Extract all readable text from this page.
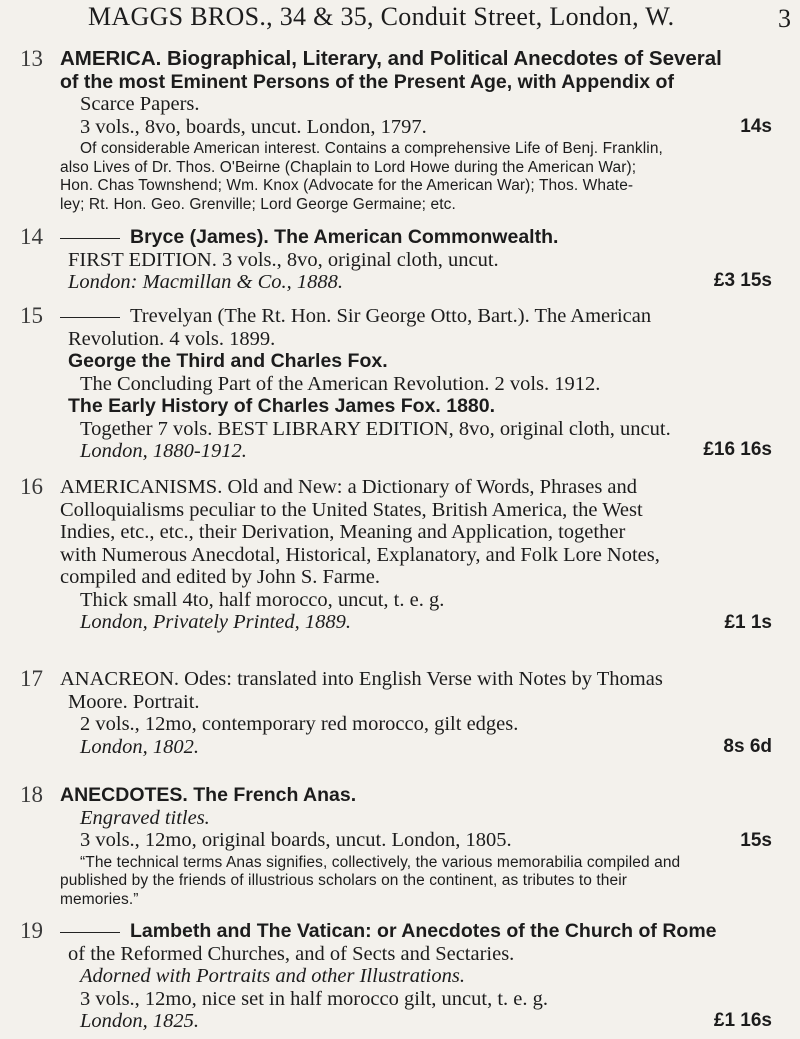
MAGGS BROS., 34 & 35, Conduit Street, London, W.	3
13 AMERICA. Biographical, Literary, and Political Anecdotes of Several
of the most Eminent Persons of the Present Age, with Appendix of
Scarce Papers.
3 vols., 8vo, boards, uncut. London, 1797.
Of considerable American interest. Contains a comprehensive Life of Benj. Franklin,
also Lives of Dr. Thos. O'Beirne (Chaplain to Lord Howe during the American War);
Hon. Chas Townshend; Wm. Knox (Advocate for the American War); Thos. Whate-
ley; Rt. Hon. Geo. Grenville; Lord George Germaine; etc.
14s
14	Bryce (James). The American Commonwealth.
FIRST EDITION. 3 vols., 8vo, original cloth, uncut.
London: Macmillan & Co., 1888.	£3 15s
15	Trevelyan (The Rt. Hon. Sir George Otto, Bart.). The American
Revolution. 4 vols. 1899.
George the Third and Charles Fox.
The Concluding Part of the American Revolution. 2 vols. 1912.
The Early History of Charles James Fox. 1880.
Together 7 vols. BEST LIBRARY EDITION, 8vo, original cloth, uncut.
London, 1880-1912.	£16 16s
16 AMERICANISMS. Old and New: a Dictionary of Words, Phrases and
Colloquialisms peculiar to the United States, British America, the West
Indies, etc., etc., their Derivation, Meaning and Application, together
with Numerous Anecdotal, Historical, Explanatory, and Folk Lore Notes,
compiled and edited by John S. Farme.
Thick small 4to, half morocco, uncut, t. e. g.
London, Privately Printed, 1889.	£1 1s
17 ANACREON. Odes: translated into English Verse with Notes by Thomas
Moore. Portrait.
2 vols., 12mo, contemporary red morocco, gilt edges.
London, 1802.	8s 6d
18 ANECDOTES. The French Anas.
Engraved titles.
3 vols., 12mo, original boards, uncut. London, 1805.
“The technical terms Anas signifies, collectively, the various memorabilia compiled and
published by the friends of illustrious scholars on the continent, as tributes to their
memories.”
15s
19	Lambeth and The Vatican: or Anecdotes of the Church of Rome
of the Reformed Churches, and of Sects and Sectaries.
Adorned with Portraits and other Illustrations.
3 vols., 12mo, nice set in half morocco gilt, uncut, t. e. g.
London, 1825.	£1 16s
